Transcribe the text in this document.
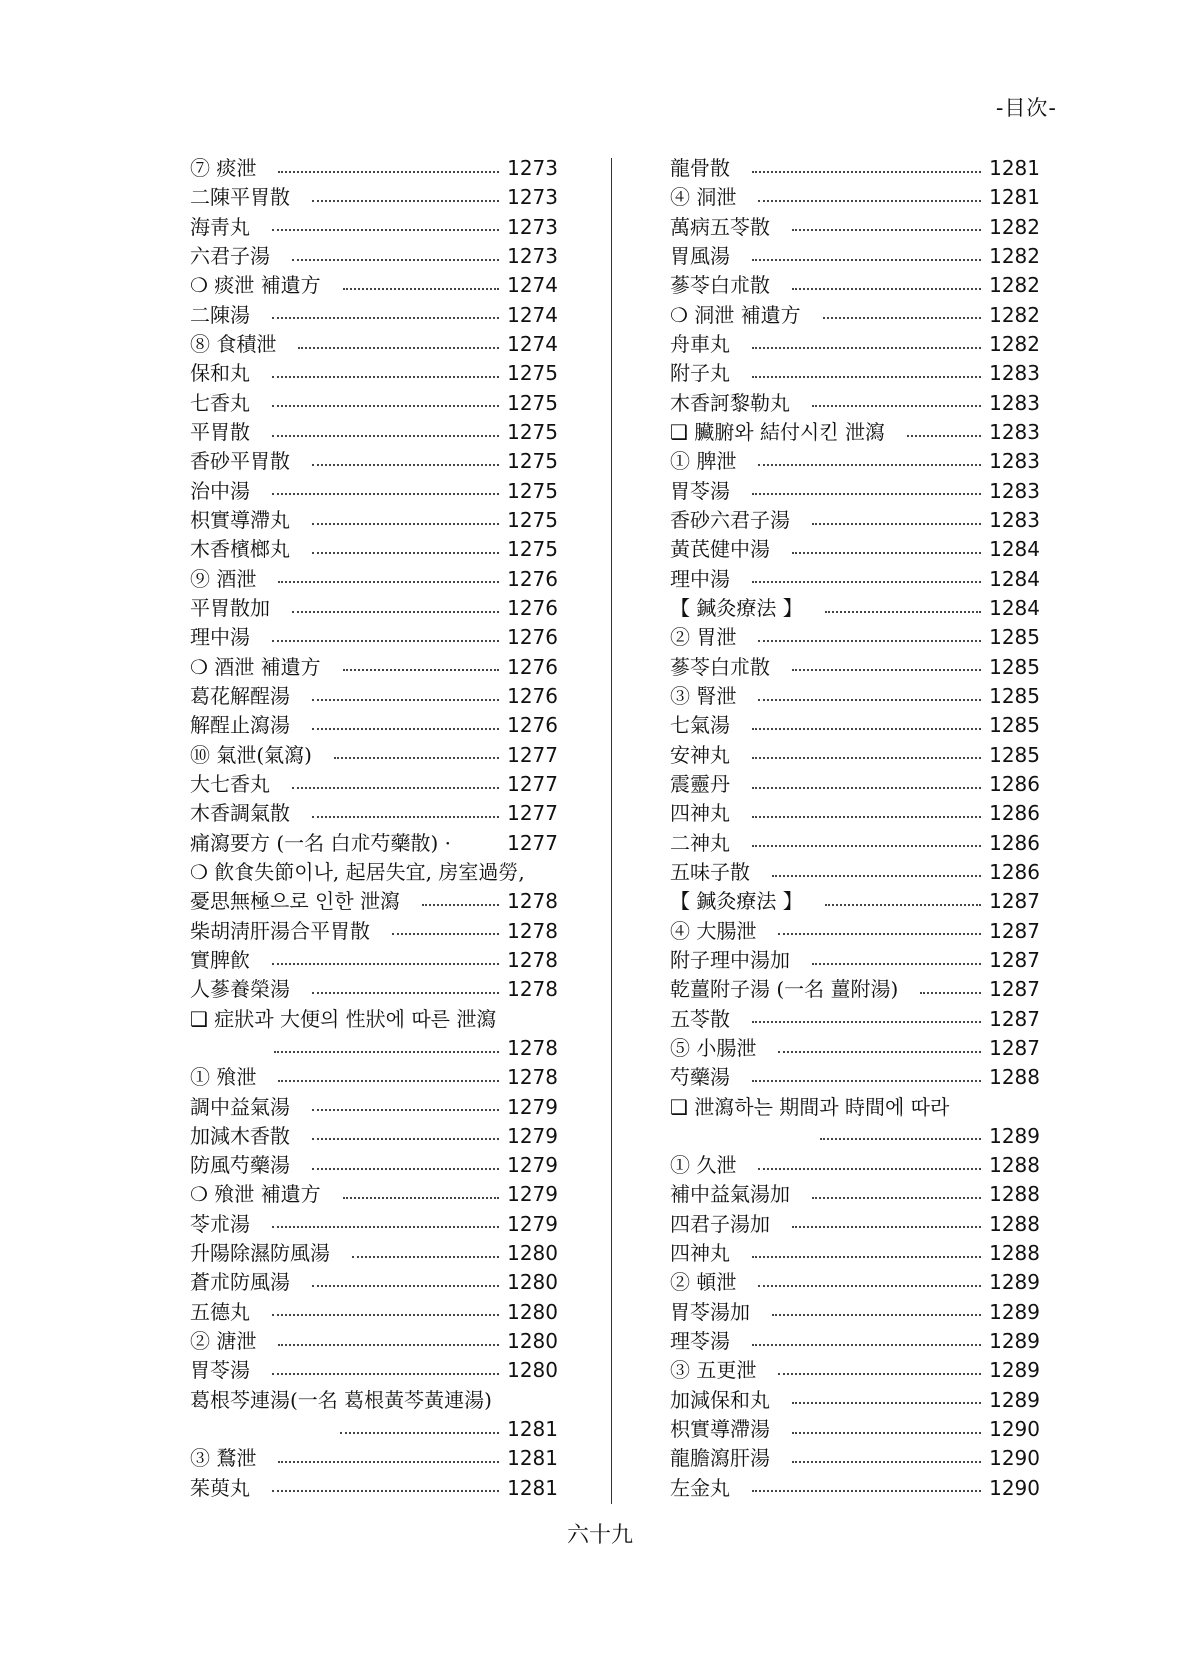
-目次-
⑦ 痰泄	1273
二陳平胃散	1273
海靑丸	1273
六君子湯	1273
❍ 痰泄 補遺方	1274
二陳湯	1274
⑧ 食積泄	1274
保和丸	1275
七香丸	1275
平胃散	1275
香砂平胃散	1275
治中湯	1275
枳實導滯丸	1275
木香檳榔丸	1275
⑨ 酒泄	1276
平胃散加	1276
理中湯	1276
❍ 酒泄 補遺方	1276
葛花解酲湯	1276
解酲止瀉湯	1276
⑩ 氣泄(氣瀉)	1277
大七香丸	1277
木香調氣散	1277
痛瀉要方 (一名 白朮芍藥散) ·	1277
❍ 飮食失節이나, 起居失宜, 房室過勞,
憂思無極으로 인한 泄瀉	1278
柴胡淸肝湯合平胃散	1278
實脾飮	1278
人蔘養榮湯	1278
❑ 症狀과 大便의 性狀에 따른 泄瀉
1278
① 飱泄	1278
調中益氣湯	1279
加減木香散	1279
防風芍藥湯	1279
❍ 飱泄 補遺方	1279
苓朮湯	1279
升陽除濕防風湯	1280
蒼朮防風湯	1280
五德丸	1280
② 溏泄	1280
胃苓湯	1280
葛根芩連湯(一名 葛根黃芩黃連湯)
1281
③ 鶩泄	1281
茱萸丸	1281
龍骨散	1281
④ 洞泄	1281
萬病五苓散	1282
胃風湯	1282
蔘苓白朮散	1282
❍ 洞泄 補遺方	1282
舟車丸	1282
附子丸	1283
木香訶黎勒丸	1283
❑ 臟腑와 結付시킨 泄瀉	1283
① 脾泄	1283
胃苓湯	1283
香砂六君子湯	1283
黃芪健中湯	1284
理中湯	1284
【 鍼灸療法 】	1284
② 胃泄	1285
蔘苓白朮散	1285
③ 腎泄	1285
七氣湯	1285
安神丸	1285
震靈丹	1286
四神丸	1286
二神丸	1286
五味子散	1286
【 鍼灸療法 】	1287
④ 大腸泄	1287
附子理中湯加	1287
乾薑附子湯 (一名 薑附湯)	1287
五苓散	1287
⑤ 小腸泄	1287
芍藥湯	1288
❑ 泄瀉하는 期間과 時間에 따라
1289
① 久泄	1288
補中益氣湯加	1288
四君子湯加	1288
四神丸	1288
② 頓泄	1289
胃苓湯加	1289
理苓湯	1289
③ 五更泄	1289
加減保和丸	1289
枳實導滯湯	1290
龍膽瀉肝湯	1290
左金丸	1290
六十九
